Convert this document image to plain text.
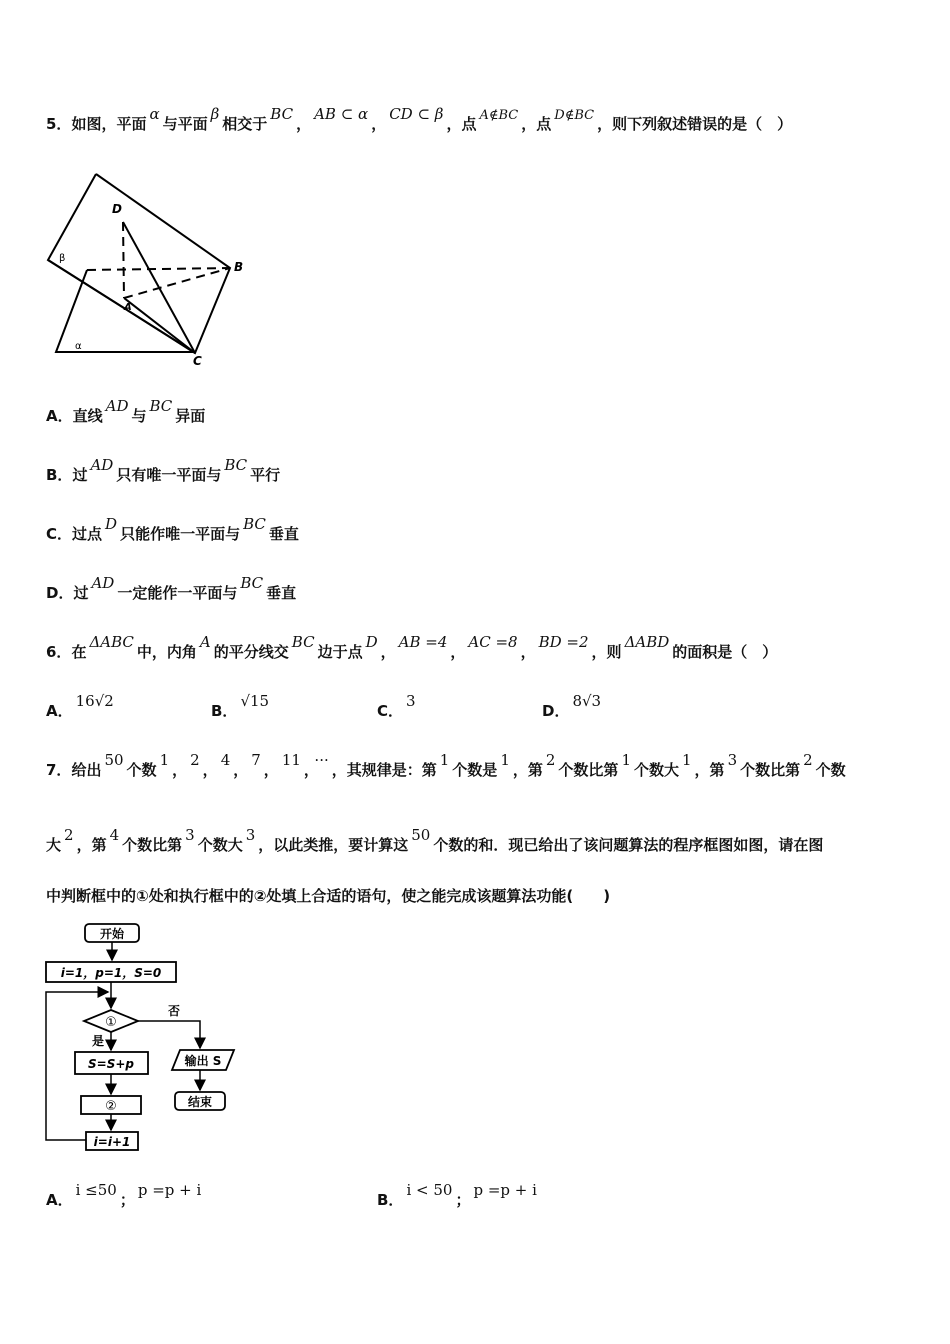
5．如图，平面α与平面β相交于BC，AB ⊂ α，CD ⊂ β，点 A∉BC ，点 D∉BC ，则下列叙述错误的是（　）
D
B
A
C
β
α
A．直线AD与BC异面
B．过AD只有唯一平面与BC平行
C．过点D只能作唯一平面与BC垂直
D．过AD一定能作一平面与BC垂直
6．在ΔABC中，内角A的平分线交BC边于点D，AB =4，AC =8，BD =2，则ΔABD的面积是（　）
A．16√2
B．√15
C．3
D．8√3
7．给出50个数1，2，4，7，11，···，其规律是：第1个数是1，第2个数比第1个数大1，第3个数比第2个数
大2，第4个数比第3个数大3，以此类推，要计算这50个数的和．现已给出了该问题算法的程序框图如图，请在图
中判断框中的①处和执行框中的②处填上合适的语句，使之能完成该题算法功能(　　)
开始
i=1，p=1，S=0
①
否
是
S=S+p
②
i=i+1
输出 S
结束
A．i ≤50；p =p + i
B．i < 50；p =p + i
